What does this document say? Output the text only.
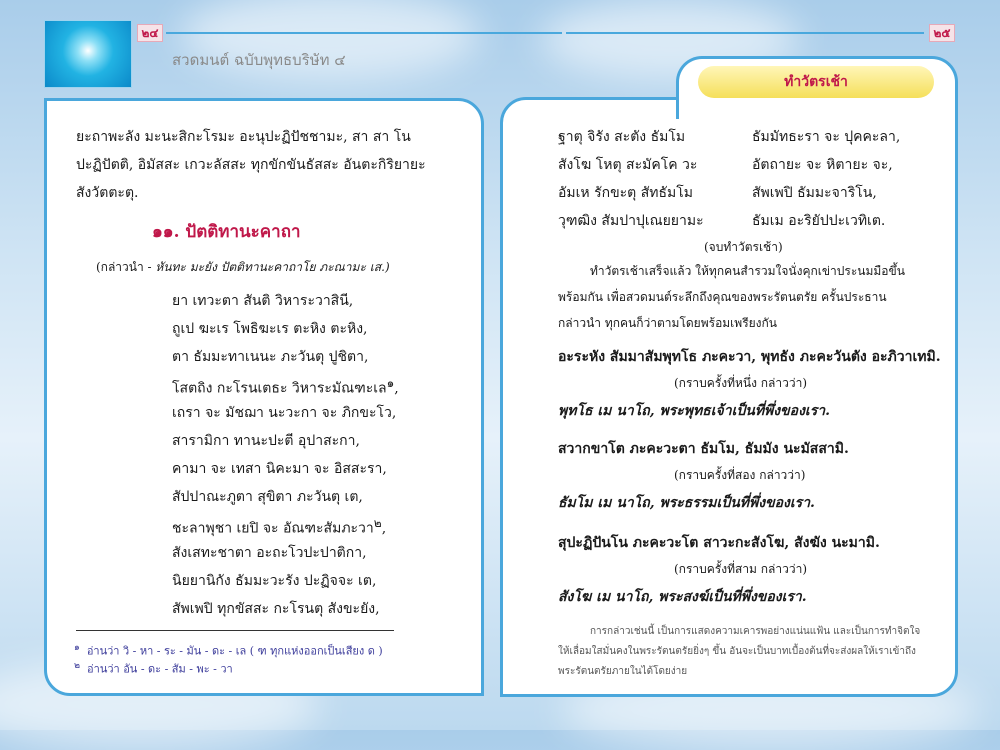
๒๔	๒๕
สวดมนต์ ฉบับพุทธบริษัท ๔
ทำวัตรเช้า
ยะถาพะลัง มะนะสิกะโรมะ อะนุปะฏิปัชชามะ, สา สา โน
ปะฏิปัตติ, อิมัสสะ เกวะลัสสะ ทุกขักขันธัสสะ อันตะกิริยายะ
สังวัตตะตุ.
๑๑. ปัตติทานะคาถา
(กล่าวนำ - หันทะ มะยัง ปัตติทานะคาถาโย ภะณามะ เส.)
ยา เทวะตา สันติ วิหาระวาสินี,
ถูเป ฆะเร โพธิฆะเร ตะหิง ตะหิง,
ตา ธัมมะทาเนนะ ภะวันตุ ปูชิตา,
โสตถิง กะโรนเตธะ วิหาระมัณฑะเล$^๑$,
เถรา จะ มัชฌา นะวะกา จะ ภิกขะโว,
สารามิกา ทานะปะตี อุปาสะกา,
คามา จะ เทสา นิคะมา จะ อิสสะรา,
สัปปาณะภูตา สุขิตา ภะวันตุ เต,
ชะลาพุชา เยปิ จะ อัณฑะสัมภะวา$^๒$,
สังเสทะชาตา อะถะโวปะปาติกา,
นิยยานิกัง ธัมมะวะรัง ปะฏิจจะ เต,
สัพเพปิ ทุกขัสสะ กะโรนตุ สังขะยัง,
$^๑$ อ่านว่า วิ - หา - ระ - มัน - ดะ - เล ( ฑ ทุกแห่งออกเป็นเสียง ด )
$^๒$ อ่านว่า อัน - ดะ - สัม - พะ - วา
ฐาตุ จิรัง สะตัง ธัมโม
สังโฆ โหตุ สะมัคโค วะ
อัมเห รักขะตุ สัทธัมโม
วุฑฒิง สัมปาปุเณยยามะ
ธัมมัทธะรา จะ ปุคคะลา,
อัตถายะ จะ หิตายะ จะ,
สัพเพปิ ธัมมะจาริโน,
ธัมเม อะริยัปปะเวทิเต.
(จบทำวัตรเช้า)
ทำวัตรเช้าเสร็จแล้ว ให้ทุกคนสำรวมใจนั่งคุกเข่าประนมมือขึ้น
พร้อมกัน เพื่อสวดมนต์ระลึกถึงคุณของพระรัตนตรัย ครั้นประธาน
กล่าวนำ ทุกคนก็ว่าตามโดยพร้อมเพรียงกัน
อะระหัง สัมมาสัมพุทโธ ภะคะวา, พุทธัง ภะคะวันตัง อะภิวาเทมิ.
(กราบครั้งที่หนึ่ง กล่าวว่า)
พุทโธ เม นาโถ, พระพุทธเจ้าเป็นที่พึ่งของเรา.
สวากขาโต ภะคะวะตา ธัมโม, ธัมมัง นะมัสสามิ.
(กราบครั้งที่สอง กล่าวว่า)
ธัมโม เม นาโถ, พระธรรมเป็นที่พึ่งของเรา.
สุปะฏิปันโน ภะคะวะโต สาวะกะสังโฆ, สังฆัง นะมามิ.
(กราบครั้งที่สาม กล่าวว่า)
สังโฆ เม นาโถ, พระสงฆ์เป็นที่พึ่งของเรา.
การกล่าวเช่นนี้ เป็นการแสดงความเคารพอย่างแน่นแฟ้น และเป็นการทำจิตใจ
ให้เลื่อมใสมั่นคงในพระรัตนตรัยยิ่งๆ ขึ้น อันจะเป็นบาทเบื้องต้นที่จะส่งผลให้เราเข้าถึง
พระรัตนตรัยภายในได้โดยง่าย
